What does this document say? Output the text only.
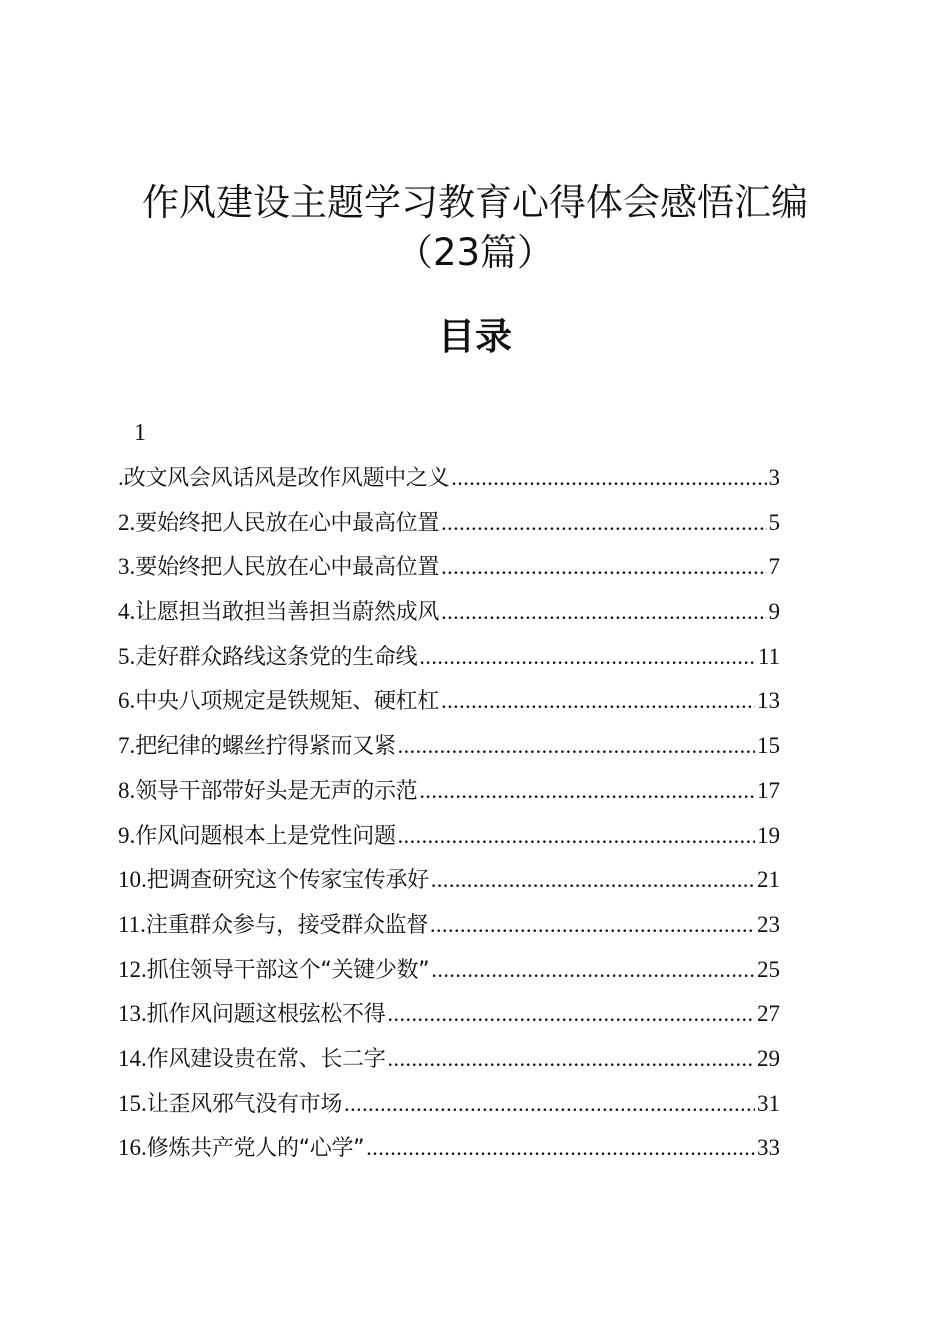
作风建设主题学习教育心得体会感悟汇编（23篇）
目录
1
. 改文风会风话风是改作风题中之义 .....	3
2. 要始终把人民放在心中最高位置 .....	5
3. 要始终把人民放在心中最高位置 .....	7
4. 让愿担当敢担当善担当蔚然成风 .....	9
5. 走好群众路线这条党的生命线 .....	11
6. 中央八项规定是铁规矩、硬杠杠 .....	13
7. 把纪律的螺丝拧得紧而又紧 .....	15
8. 领导干部带好头是无声的示范 .....	17
9. 作风问题根本上是党性问题 .....	19
10. 把调查研究这个传家宝传承好 .....	21
11. 注重群众参与，接受群众监督 .....	23
12. 抓住领导干部这个“关键少数” .....	25
13. 抓作风问题这根弦松不得 .....	27
14. 作风建设贵在常、长二字 .....	29
15. 让歪风邪气没有市场 .....	31
16. 修炼共产党人的“心学” .....	33
